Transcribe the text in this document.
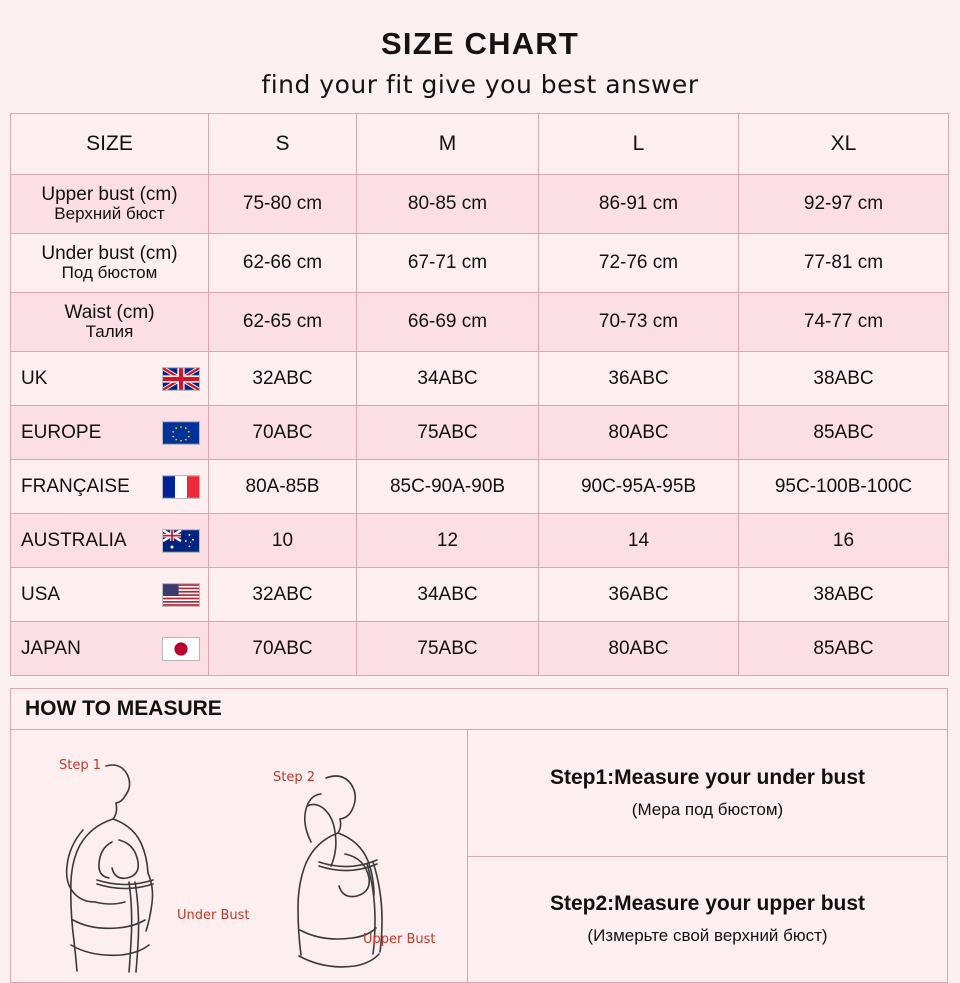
SIZE CHART
find your fit give you best answer
SIZE	S	M	L	XL
Upper bust (cm)
Верхний бюст	75-80 cm	80-85 cm	86-91 cm	92-97 cm
Under bust (cm)
Под бюстом	62-66 cm	67-71 cm	72-76 cm	77-81 cm
Waist (cm)
Талия	62-65 cm	66-69 cm	70-73 cm	74-77 cm
UK	32ABC	34ABC	36ABC	38ABC
EUROPE	70ABC	75ABC	80ABC	85ABC
FRANÇAISE	80A-85B	85C-90A-90B	90C-95A-95B	95C-100B-100C
AUSTRALIA	10	12	14	16
USA	32ABC	34ABC	36ABC	38ABC
JAPAN	70ABC	75ABC	80ABC	85ABC
HOW TO MEASURE
Step 1
Step 2
Under Bust
Upper Bust
Step1:Measure your under bust
(Мера под бюстом)
Step2:Measure your upper bust
(Измерьте свой верхний бюст)
